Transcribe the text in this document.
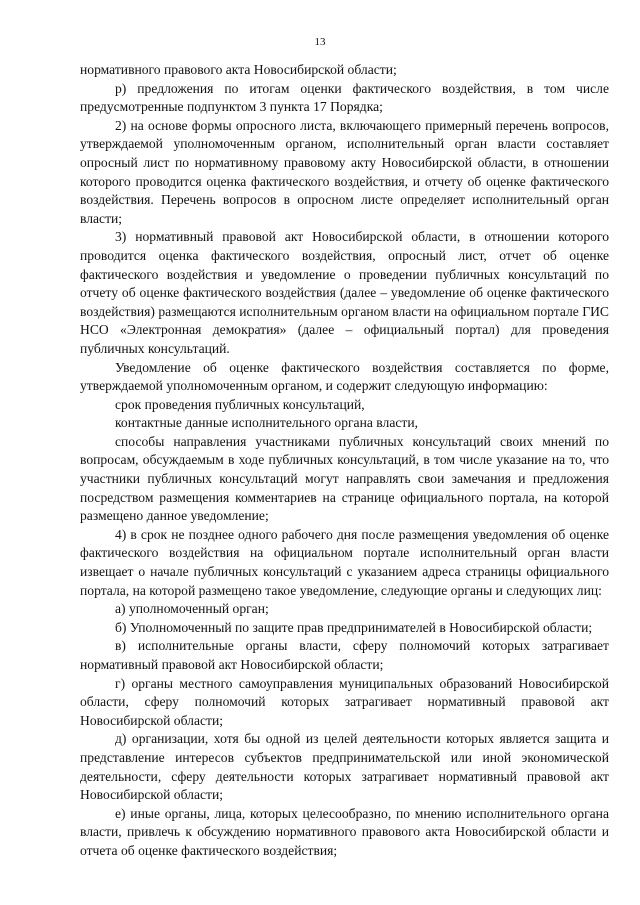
13

нормативного правового акта Новосибирской области;

р) предложения по итогам оценки фактического воздействия, в том числе предусмотренные подпунктом 3 пункта 17 Порядка;

2) на основе формы опросного листа, включающего примерный перечень вопросов, утверждаемой уполномоченным органом, исполнительный орган власти составляет опросный лист по нормативному правовому акту Новосибирской области, в отношении которого проводится оценка фактического воздействия, и отчету об оценке фактического воздействия. Перечень вопросов в опросном листе определяет исполнительный орган власти;

3) нормативный правовой акт Новосибирской области, в отношении которого проводится оценка фактического воздействия, опросный лист, отчет об оценке фактического воздействия и уведомление о проведении публичных консультаций по отчету об оценке фактического воздействия (далее – уведомление об оценке фактического воздействия) размещаются исполнительным органом власти на официальном портале ГИС НСО «Электронная демократия» (далее – официальный портал) для проведения публичных консультаций.

Уведомление об оценке фактического воздействия составляется по форме, утверждаемой уполномоченным органом, и содержит следующую информацию:

срок проведения публичных консультаций,

контактные данные исполнительного органа власти,

способы направления участниками публичных консультаций своих мнений по вопросам, обсуждаемым в ходе публичных консультаций, в том числе указание на то, что участники публичных консультаций могут направлять свои замечания и предложения посредством размещения комментариев на странице официального портала, на которой размещено данное уведомление;

4) в срок не позднее одного рабочего дня после размещения уведомления об оценке фактического воздействия на официальном портале исполнительный орган власти извещает о начале публичных консультаций с указанием адреса страницы официального портала, на которой размещено такое уведомление, следующие органы и следующих лиц:

а) уполномоченный орган;

б) Уполномоченный по защите прав предпринимателей в Новосибирской области;

в) исполнительные органы власти, сферу полномочий которых затрагивает нормативный правовой акт Новосибирской области;

г) органы местного самоуправления муниципальных образований Новосибирской области, сферу полномочий которых затрагивает нормативный правовой акт Новосибирской области;

д) организации, хотя бы одной из целей деятельности которых является защита и представление интересов субъектов предпринимательской или иной экономической деятельности, сферу деятельности которых затрагивает нормативный правовой акт Новосибирской области;

е) иные органы, лица, которых целесообразно, по мнению исполнительного органа власти, привлечь к обсуждению нормативного правового акта Новосибирской области и отчета об оценке фактического воздействия;
